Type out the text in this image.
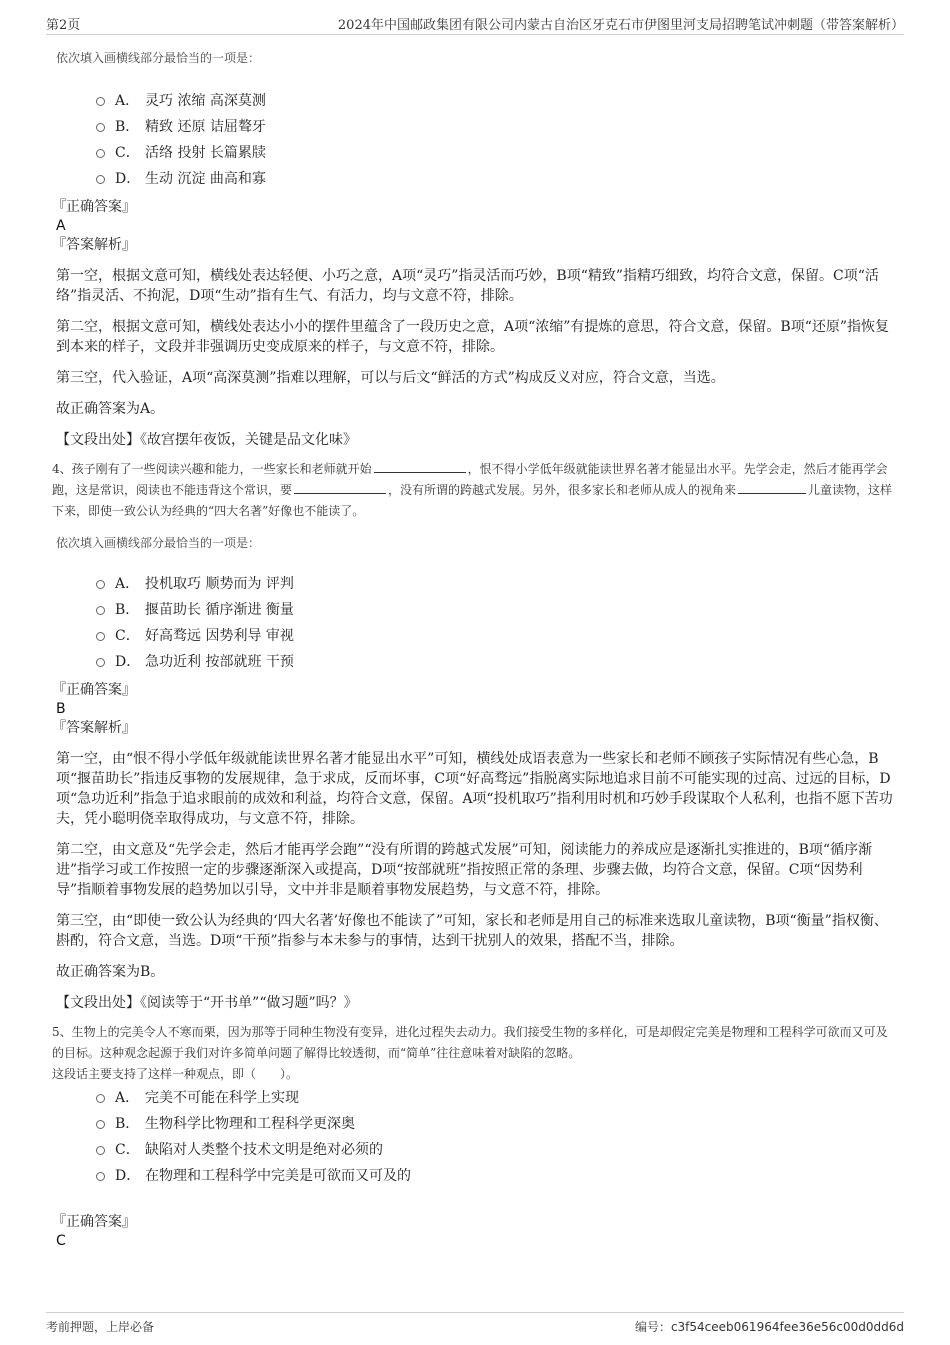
第2页	2024年中国邮政集团有限公司内蒙古自治区牙克石市伊图里河支局招聘笔试冲刺题（带答案解析）
依次填入画横线部分最恰当的一项是：
A． 灵巧 浓缩 高深莫测
B． 精致 还原 诘屈聱牙
C． 活络 投射 长篇累牍
D． 生动 沉淀 曲高和寡
『正确答案』
A
『答案解析』

第一空，根据文意可知，横线处表达轻便、小巧之意，A项“灵巧”指灵活而巧妙，B项“精致”指精巧细致，均符合文意，保留。C项“活络”指灵活、不拘泥，D项“生动”指有生气、有活力，均与文意不符，排除。

第二空，根据文意可知，横线处表达小小的摆件里蕴含了一段历史之意，A项“浓缩”有提炼的意思，符合文意，保留。B项“还原”指恢复到本来的样子，文段并非强调历史变成原来的样子，与文意不符，排除。

第三空，代入验证，A项“高深莫测”指难以理解，可以与后文“鲜活的方式”构成反义对应，符合文意，当选。

故正确答案为A。

【文段出处】《故宫摆年夜饭，关键是品文化味》

4、孩子刚有了一些阅读兴趣和能力，一些家长和老师就开始	，恨不得小学低年级就能读世界名著才能显出水平。先学会走，然后才能再学会跑，这是常识，阅读也不能违背这个常识，要	，没有所谓的跨越式发展。另外，很多家长和老师从成人的视角来	儿童读物，这样下来，即使一致公认为经典的“四大名著”好像也不能读了。
依次填入画横线部分最恰当的一项是：
A． 投机取巧 顺势而为 评判
B． 揠苗助长 循序渐进 衡量
C． 好高骛远 因势利导 审视
D． 急功近利 按部就班 干预
『正确答案』
B
『答案解析』

第一空，由“恨不得小学低年级就能读世界名著才能显出水平”可知，横线处成语表意为一些家长和老师不顾孩子实际情况有些心急，B项“揠苗助长”指违反事物的发展规律，急于求成，反而坏事，C项“好高骛远”指脱离实际地追求目前不可能实现的过高、过远的目标，D项“急功近利”指急于追求眼前的成效和利益，均符合文意，保留。A项“投机取巧”指利用时机和巧妙手段谋取个人私利，也指不愿下苦功夫，凭小聪明侥幸取得成功，与文意不符，排除。

第二空，由文意及“先学会走，然后才能再学会跑”“没有所谓的跨越式发展”可知，阅读能力的养成应是逐渐扎实推进的，B项“循序渐进”指学习或工作按照一定的步骤逐渐深入或提高，D项“按部就班”指按照正常的条理、步骤去做，均符合文意，保留。C项“因势利导”指顺着事物发展的趋势加以引导，文中并非是顺着事物发展趋势，与文意不符，排除。

第三空，由“即使一致公认为经典的‘四大名著’好像也不能读了”可知，家长和老师是用自己的标准来选取儿童读物，B项“衡量”指权衡、斟酌，符合文意，当选。D项“干预”指参与本未参与的事情，达到干扰别人的效果，搭配不当，排除。

故正确答案为B。

【文段出处】《阅读等于“开书单”“做习题”吗？》

5、生物上的完美令人不寒而栗，因为那等于同种生物没有变异，进化过程失去动力。我们接受生物的多样化，可是却假定完美是物理和工程科学可欲而又可及的目标。这种观念起源于我们对许多简单问题了解得比较透彻，而“简单”往往意味着对缺陷的忽略。
这段话主要支持了这样一种观点，即（　　）。
A． 完美不可能在科学上实现
B． 生物科学比物理和工程科学更深奥
C． 缺陷对人类整个技术文明是绝对必须的
D． 在物理和工程科学中完美是可欲而又可及的
『正确答案』
C
考前押题，上岸必备	编号：c3f54ceeb061964fee36e56c00d0dd6d
